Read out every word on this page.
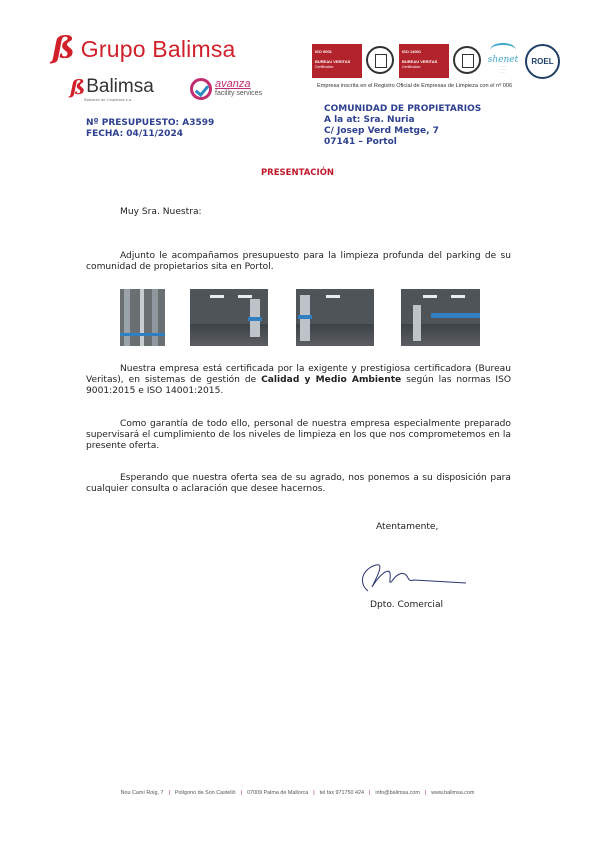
ß Grupo Balimsa
ß Balimsa
Baleares de Limpiezas s.a.
avanza
facility services
ISO 9001
BUREAU VERITAS
Certification
ISO 14001
BUREAU VERITAS
Certification
shenet
–––––
––––
–––
ROEL
Empresa inscrita en el Registro Oficial de Empresas de Limpieza con el nº 006
Nº PRESUPUESTO: A3599
FECHA: 04/11/2024
COMUNIDAD DE PROPIETARIOS
A la at: Sra. Nuria
C/ Josep Verd Metge, 7
07141 – Portol
PRESENTACIÓN
Muy Sra. Nuestra:
Adjunto le acompañamos presupuesto para la limpieza profunda del parking de su comunidad de propietarios sita en Portol.
Nuestra empresa está certificada por la exigente y prestigiosa certificadora (Bureau Veritas), en sistemas de gestión de Calidad y Medio Ambiente según las normas ISO 9001:2015 e ISO 14001:2015.
Como garantía de todo ello, personal de nuestra empresa especialmente preparado supervisará el cumplimiento de los niveles de limpieza en los que nos comprometemos en la presente oferta.
Esperando que nuestra oferta sea de su agrado, nos ponemos a su disposición para cualquier consulta o aclaración que desee hacernos.
Atentamente,
Dpto. Comercial
Nou Camí Roig, 7 | Polígono de Son Castelló | 07009 Palma de Mallorca | tel fax 971750 424 | info@balimsa.com | www.balimsa.com
